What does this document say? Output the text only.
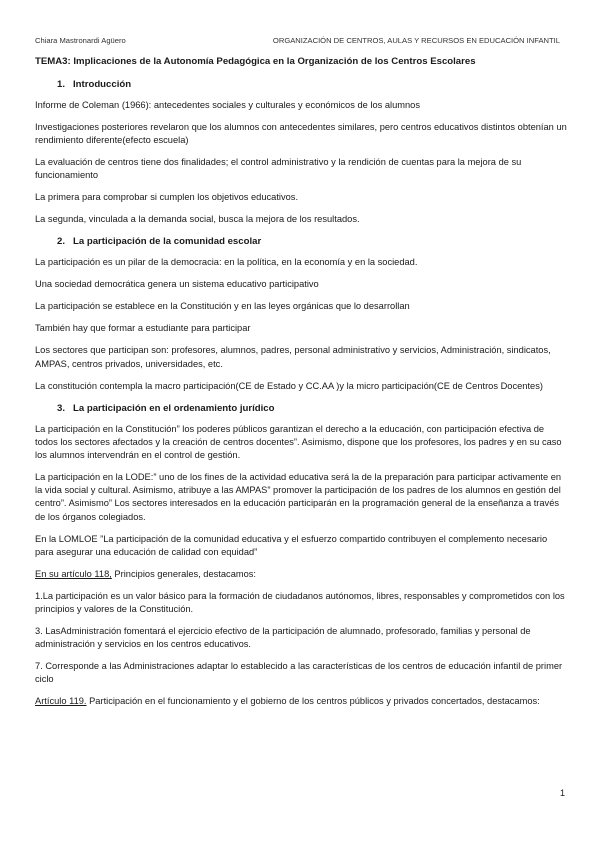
Chiara Mastronardi Agüero	ORGANIZACIÓN DE CENTROS, AULAS Y RECURSOS EN EDUCACIÓN INFANTIL
TEMA3: Implicaciones de la Autonomía Pedagógica en la Organización de los Centros Escolares
1. Introducción

Informe de Coleman (1966): antecedentes sociales y culturales y económicos de los alumnos

Investigaciones posteriores revelaron que los alumnos con antecedentes similares, pero centros educativos distintos obtenían un rendimiento diferente(efecto escuela)

La evaluación de centros tiene dos finalidades; el control administrativo y la rendición de cuentas para la mejora de su funcionamiento

La primera para comprobar si cumplen los objetivos educativos.

La segunda, vinculada a la demanda social, busca la mejora de los resultados.

2. La participación de la comunidad escolar

La participación es un pilar de la democracia: en la política, en la economía y en la sociedad.

Una sociedad democrática genera un sistema educativo participativo

La participación se establece en la Constitución y en las leyes orgánicas que lo desarrollan

También hay que formar a estudiante para participar

Los sectores que participan son: profesores, alumnos, padres, personal administrativo y servicios, Administración, sindicatos, AMPAS, centros privados, universidades, etc.

La constitución contempla la macro participación(CE de Estado y CC.AA )y la micro participación(CE de Centros Docentes)

3. La participación en el ordenamiento jurídico

La participación en la Constitución” los poderes públicos garantizan el derecho a la educación, con participación efectiva de todos los sectores afectados y la creación de centros docentes”. Asimismo, dispone que los profesores, los padres y en su caso los alumnos intervendrán en el control de gestión.

La participación en la LODE:” uno de los fines de la actividad educativa será la de la preparación para participar activamente en la vida social y cultural. Asimismo, atribuye a las AMPAS” promover la participación de los padres de los alumnos en gestión del centro”. Asimismo” Los sectores interesados en la educación participarán en la programación general de la enseñanza a través de los órganos colegiados.

En la LOMLOE ”La participación de la comunidad educativa y el esfuerzo compartido contribuyen el complemento necesario para asegurar una educación de calidad con equidad”

En su artículo 118, Principios generales, destacamos:

1.La participación es un valor básico para la formación de ciudadanos autónomos, libres, responsables y comprometidos con los principios y valores de la Constitución.

3. LasAdministración fomentará el ejercicio efectivo de la participación de alumnado, profesorado, familias y personal de administración y servicios en los centros educativos.

7. Corresponde a las Administraciones adaptar lo establecido a las características de los centros de educación infantil de primer ciclo

Artículo 119. Participación en el funcionamiento y el gobierno de los centros públicos y privados concertados, destacamos:

1
